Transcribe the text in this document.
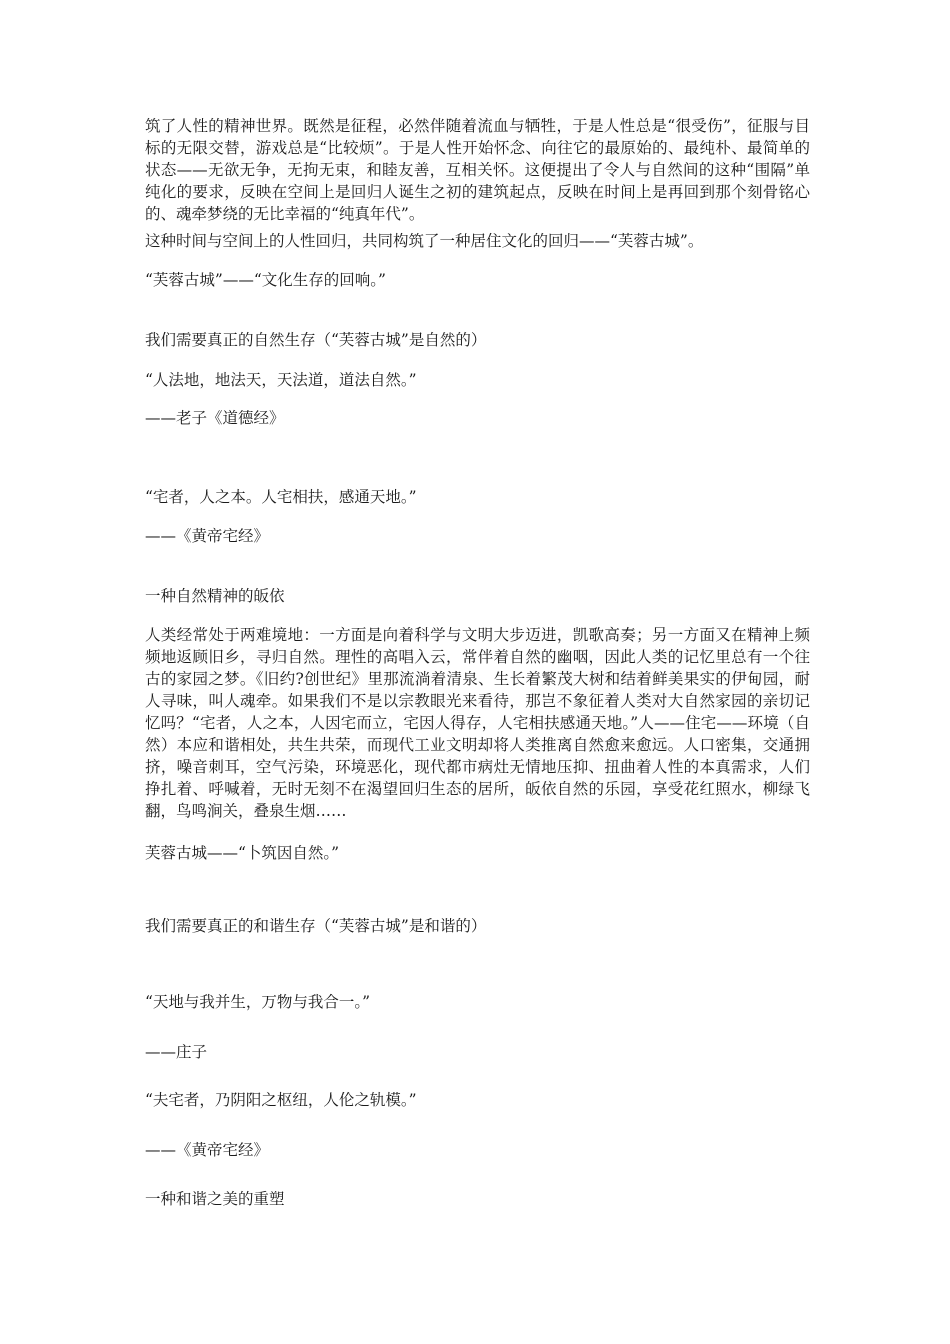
筑了人性的精神世界。既然是征程，必然伴随着流血与牺牲，于是人性总是“很受伤”，征服与目标的无限交替，游戏总是“比较烦”。于是人性开始怀念、向往它的最原始的、最纯朴、最简单的状态——无欲无争，无拘无束，和睦友善，互相关怀。这便提出了令人与自然间的这种“围隔”单纯化的要求，反映在空间上是回归人诞生之初的建筑起点，反映在时间上是再回到那个刻骨铭心的、魂牵梦绕的无比幸福的“纯真年代”。

这种时间与空间上的人性回归，共同构筑了一种居住文化的回归——“芙蓉古城”。

“芙蓉古城”——“文化生存的回响。”

我们需要真正的自然生存（“芙蓉古城”是自然的）

“人法地，地法天，天法道，道法自然。”

——老子《道德经》

“宅者，人之本。人宅相扶，感通天地。”

——《黄帝宅经》

一种自然精神的皈依

人类经常处于两难境地：一方面是向着科学与文明大步迈进，凯歌高奏；另一方面又在精神上频频地返顾旧乡，寻归自然。理性的高唱入云，常伴着自然的幽咽，因此人类的记忆里总有一个往古的家园之梦。《旧约?创世纪》里那流淌着清泉、生长着繁茂大树和结着鲜美果实的伊甸园，耐人寻味，叫人魂牵。如果我们不是以宗教眼光来看待，那岂不象征着人类对大自然家园的亲切记忆吗？“宅者，人之本，人因宅而立，宅因人得存，人宅相扶感通天地。”人——住宅——环境（自然）本应和谐相处，共生共荣，而现代工业文明却将人类推离自然愈来愈远。人口密集，交通拥挤，噪音刺耳，空气污染，环境恶化，现代都市病灶无情地压抑、扭曲着人性的本真需求，人们挣扎着、呼喊着，无时无刻不在渴望回归生态的居所，皈依自然的乐园，享受花红照水，柳绿飞翻，鸟鸣涧关，叠泉生烟……

芙蓉古城——“卜筑因自然。”

我们需要真正的和谐生存（“芙蓉古城”是和谐的）

“天地与我并生，万物与我合一。”

——庄子

“夫宅者，乃阴阳之枢纽，人伦之轨模。”

——《黄帝宅经》

一种和谐之美的重塑
